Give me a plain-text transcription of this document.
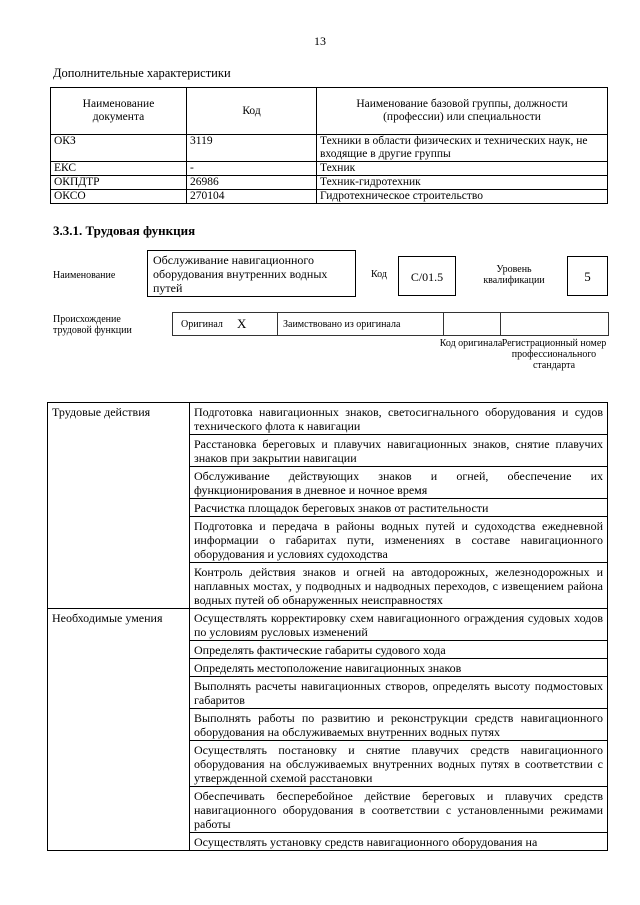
13
Дополнительные характеристики
Наименование документа	Код	Наименование базовой группы, должности (профессии) или специальности
ОКЗ	3119	Техники в области физических и технических наук, не входящие в другие группы
ЕКС	-	Техник
ОКПДТР	26986	Техник-гидротехник
ОКСО	270104	Гидротехническое строительство
3.3.1. Трудовая функция
Наименование
Обслуживание навигационного оборудования внутренних водных путей
Код	C/01.5
Уровень квалификации	5
Происхождение трудовой функции
Оригинал X	Заимствовано из оригинала
Код оригинала Регистрационный номер профессионального стандарта
Трудовые действия	Подготовка навигационных знаков, светосигнального оборудования и судов технического флота к навигации
	Расстановка береговых и плавучих навигационных знаков, снятие плавучих знаков при закрытии навигации
	Обслуживание действующих знаков и огней, обеспечение их функционирования в дневное и ночное время
	Расчистка площадок береговых знаков от растительности
	Подготовка и передача в районы водных путей и судоходства ежедневной информации о габаритах пути, изменениях в составе навигационного оборудования и условиях судоходства
	Контроль действия знаков и огней на автодорожных, железнодорожных и наплавных мостах, у подводных и надводных переходов, с извещением района водных путей об обнаруженных неисправностях
Необходимые умения	Осуществлять корректировку схем навигационного ограждения судовых ходов по условиям русловых изменений
	Определять фактические габариты судового хода
	Определять местоположение навигационных знаков
	Выполнять расчеты навигационных створов, определять высоту подмостовых габаритов
	Выполнять работы по развитию и реконструкции средств навигационного оборудования на обслуживаемых внутренних водных путях
	Осуществлять постановку и снятие плавучих средств навигационного оборудования на обслуживаемых внутренних водных путях в соответствии с утвержденной схемой расстановки
	Обеспечивать бесперебойное действие береговых и плавучих средств навигационного оборудования в соответствии с установленными режимами работы
	Осуществлять установку средств навигационного оборудования на
